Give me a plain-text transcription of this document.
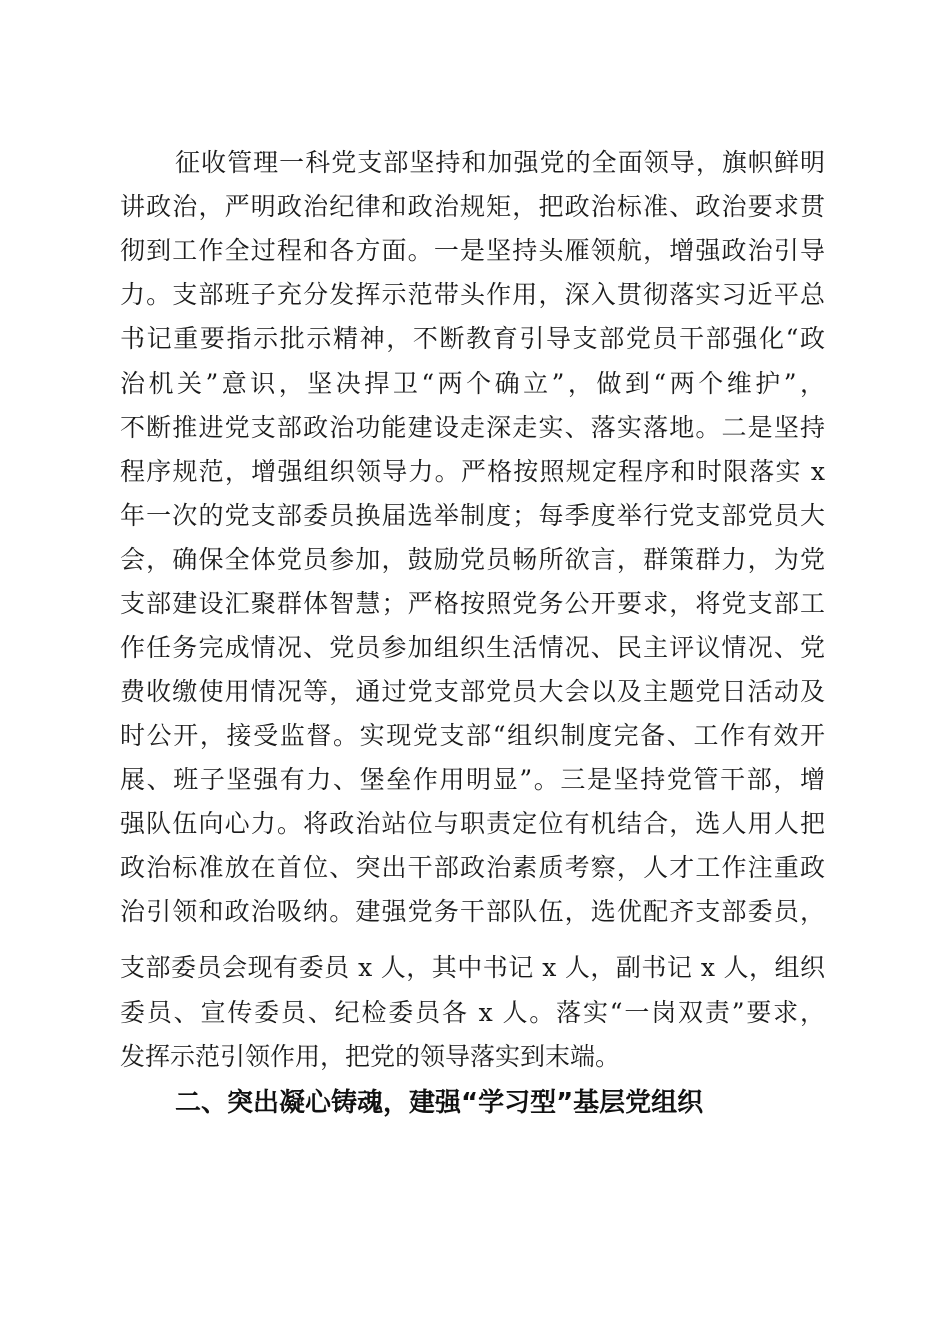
征收管理一科党支部坚持和加强党的全面领导，旗帜鲜明
讲政治，严明政治纪律和政治规矩，把政治标准、政治要求贯
彻到工作全过程和各方面。一是坚持头雁领航，增强政治引导
力。支部班子充分发挥示范带头作用，深入贯彻落实习近平总
书记重要指示批示精神，不断教育引导支部党员干部强化“政
治机关”意识，坚决捍卫“两个确立”，做到“两个维护”，
不断推进党支部政治功能建设走深走实、落实落地。二是坚持
程序规范，增强组织领导力。严格按照规定程序和时限落实 x
年一次的党支部委员换届选举制度；每季度举行党支部党员大
会，确保全体党员参加，鼓励党员畅所欲言，群策群力，为党
支部建设汇聚群体智慧；严格按照党务公开要求，将党支部工
作任务完成情况、党员参加组织生活情况、民主评议情况、党
费收缴使用情况等，通过党支部党员大会以及主题党日活动及
时公开，接受监督。实现党支部“组织制度完备、工作有效开
展、班子坚强有力、堡垒作用明显”。三是坚持党管干部，增
强队伍向心力。将政治站位与职责定位有机结合，选人用人把
政治标准放在首位、突出干部政治素质考察，人才工作注重政
治引领和政治吸纳。建强党务干部队伍，选优配齐支部委员，
支部委员会现有委员 x 人，其中书记 x 人，副书记 x 人，组织
委员、宣传委员、纪检委员各 x 人。落实“一岗双责”要求，
发挥示范引领作用，把党的领导落实到末端。
二、突出凝心铸魂，建强“学习型”基层党组织
